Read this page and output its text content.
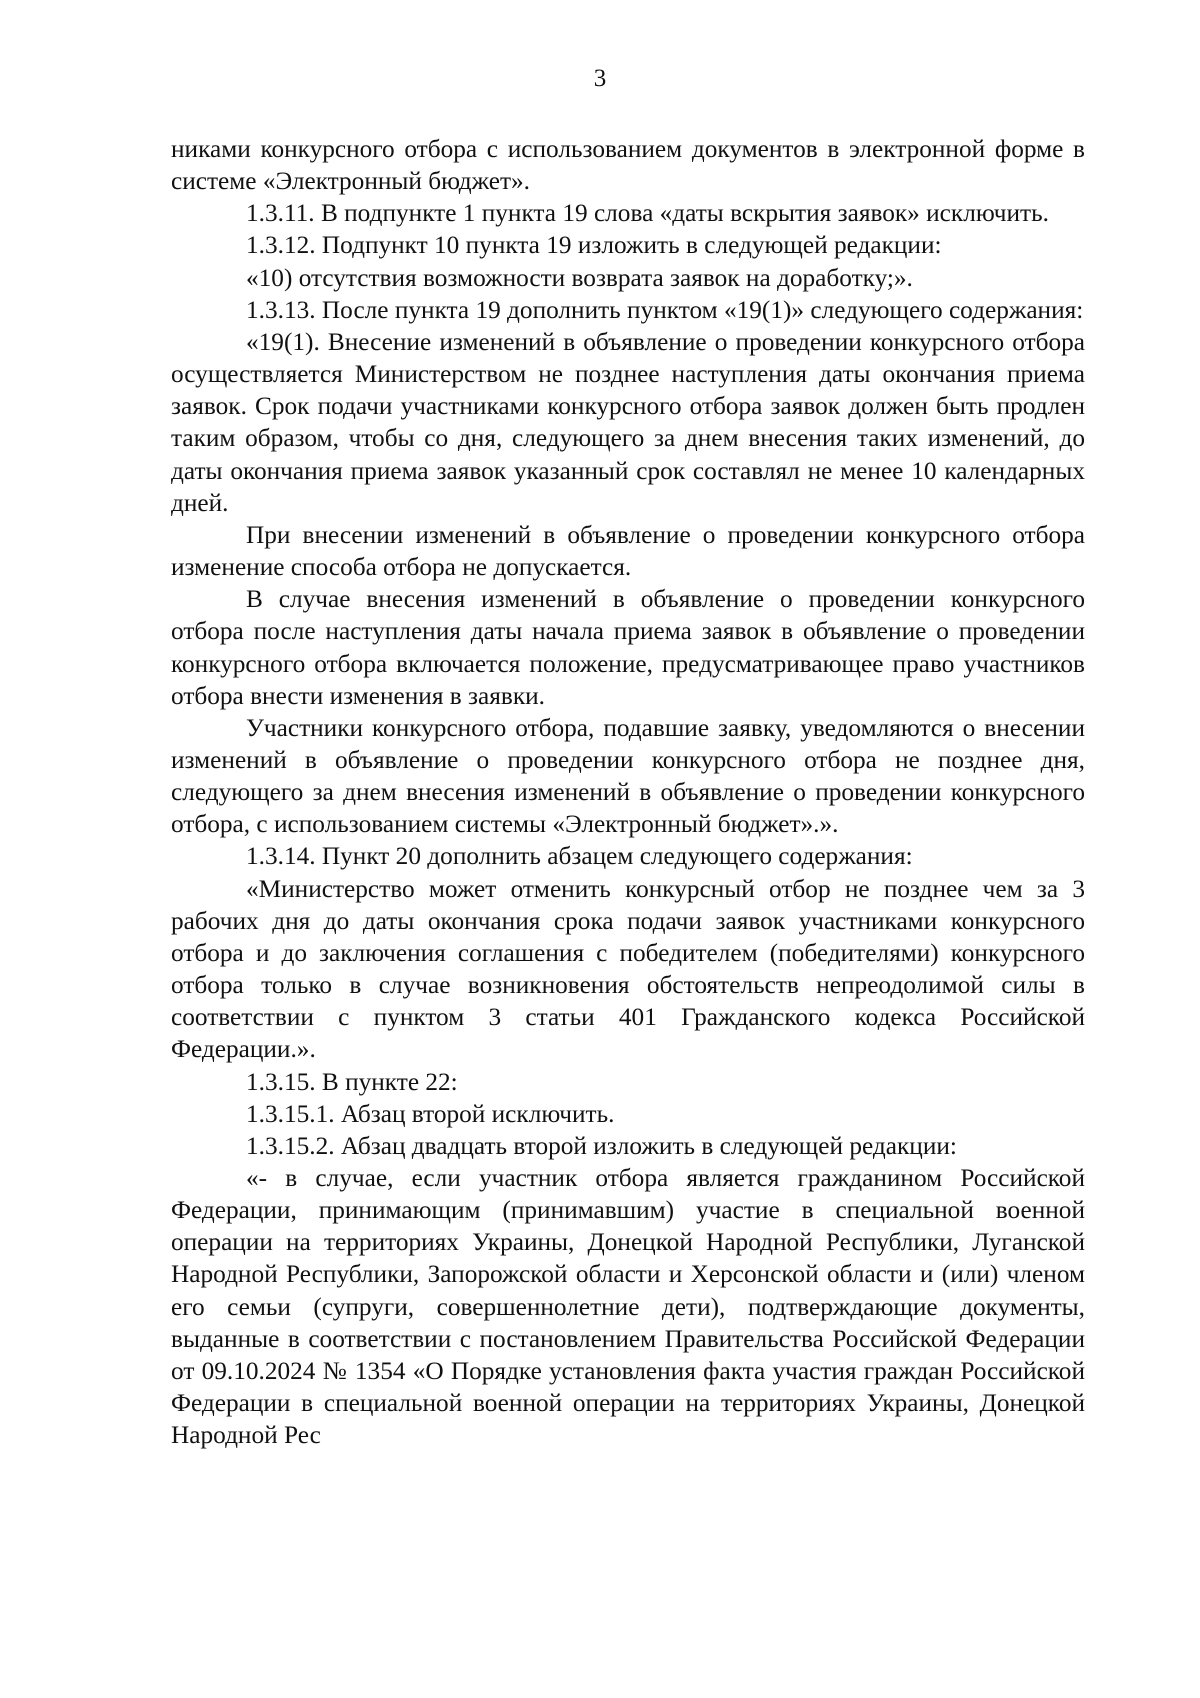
3

никами конкурсного отбора с использованием документов в электронной форме в системе «Электронный бюджет».

1.3.11. В подпункте 1 пункта 19 слова «даты вскрытия заявок» исключить.

1.3.12. Подпункт 10 пункта 19 изложить в следующей редакции:

«10) отсутствия возможности возврата заявок на доработку;».

1.3.13. После пункта 19 дополнить пунктом «19(1)» следующего содержания:

«19(1). Внесение изменений в объявление о проведении конкурсного отбора осуществляется Министерством не позднее наступления даты окончания приема заявок. Срок подачи участниками конкурсного отбора заявок должен быть продлен таким образом, чтобы со дня, следующего за днем внесения таких изменений, до даты окончания приема заявок указанный срок составлял не менее 10 календарных дней.

При внесении изменений в объявление о проведении конкурсного отбора изменение способа отбора не допускается.

В случае внесения изменений в объявление о проведении конкурсного отбора после наступления даты начала приема заявок в объявление о проведении конкурсного отбора включается положение, предусматривающее право участников отбора внести изменения в заявки.

Участники конкурсного отбора, подавшие заявку, уведомляются о внесении изменений в объявление о проведении конкурсного отбора не позднее дня, следующего за днем внесения изменений в объявление о проведении конкурсного отбора, с использованием системы «Электронный бюджет».».

1.3.14. Пункт 20 дополнить абзацем следующего содержания:

«Министерство может отменить конкурсный отбор не позднее чем за 3 рабочих дня до даты окончания срока подачи заявок участниками конкурсного отбора и до заключения соглашения с победителем (победителями) конкурсного отбора только в случае возникновения обстоятельств непреодолимой силы в соответствии с пунктом 3 статьи 401 Гражданского кодекса Российской Федерации.».

1.3.15. В пункте 22:

1.3.15.1. Абзац второй исключить.

1.3.15.2. Абзац двадцать второй изложить в следующей редакции:

«- в случае, если участник отбора является гражданином Российской Федерации, принимающим (принимавшим) участие в специальной военной операции на территориях Украины, Донецкой Народной Республики, Луганской Народной Республики, Запорожской области и Херсонской области и (или) членом его семьи (супруги, совершеннолетние дети), подтверждающие документы, выданные в соответствии с постановлением Правительства Российской Федерации от 09.10.2024 № 1354 «О Порядке установления факта участия граждан Российской Федерации в специальной военной операции на территориях Украины, Донецкой Народной Рес
